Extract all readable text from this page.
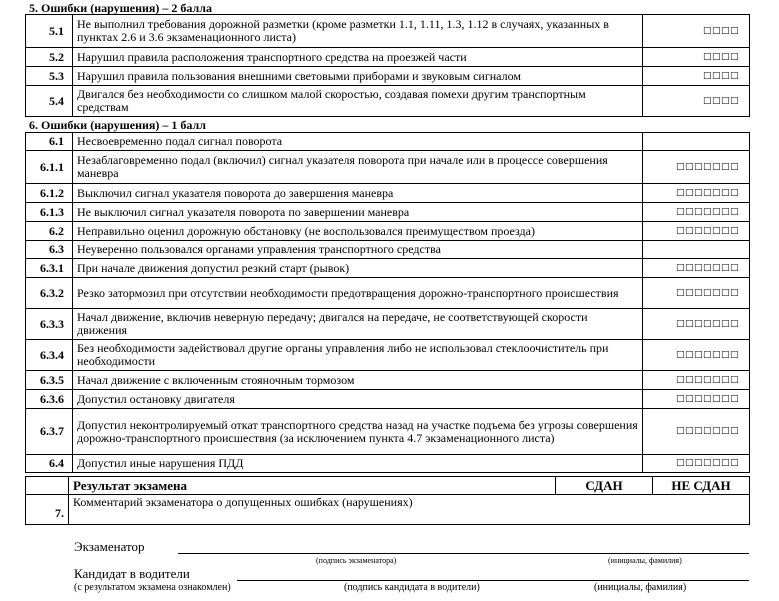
5. Ошибки (нарушения) – 2 балла
5.1	Не выполнил требования дорожной разметки (кроме разметки 1.1, 1.11, 1.3, 1.12 в случаях, указанных в пунктах 2.6 и 3.6 экзаменационного листа)	□□□□
5.2	Нарушил правила расположения транспортного средства на проезжей части	□□□□
5.3	Нарушил правила пользования внешними световыми приборами и звуковым сигналом	□□□□
5.4	Двигался без необходимости со слишком малой скоростью, создавая помехи другим транспортным средствам	□□□□
6. Ошибки (нарушения) – 1 балл
6.1	Несвоевременно подал сигнал поворота	
6.1.1	Незаблаговременно подал (включил) сигнал указателя поворота при начале или в процессе совершения маневра	□□□□□□□
6.1.2	Выключил сигнал указателя поворота до завершения маневра	□□□□□□□
6.1.3	Не выключил сигнал указателя поворота по завершении маневра	□□□□□□□
6.2	Неправильно оценил дорожную обстановку (не воспользовался преимуществом проезда)	□□□□□□□
6.3	Неуверенно пользовался органами управления транспортного средства	
6.3.1	При начале движения допустил резкий старт (рывок)	□□□□□□□
6.3.2	Резко затормозил при отсутствии необходимости предотвращения дорожно-транспортного происшествия	□□□□□□□
6.3.3	Начал движение, включив неверную передачу; двигался на передаче, не соответствующей скорости движения	□□□□□□□
6.3.4	Без необходимости задействовал другие органы управления либо не использовал стеклоочиститель при необходимости	□□□□□□□
6.3.5	Начал движение с включенным стояночным тормозом	□□□□□□□
6.3.6	Допустил остановку двигателя	□□□□□□□
6.3.7	Допустил неконтролируемый откат транспортного средства назад на участке подъема без угрозы совершения дорожно-транспортного происшествия (за исключением пункта 4.7 экзаменационного листа)	□□□□□□□
6.4	Допустил иные нарушения ПДД	□□□□□□□
	Результат экзамена	СДАН	НЕ СДАН
7.	Комментарий экзаменатора о допущенных ошибках (нарушениях)		
Экзаменатор
(подпись экзаменатора)	(инициалы, фамилия)
Кандидат в водители
(с результатом экзамена ознакомлен)	(подпись кандидата в водители)	(инициалы, фамилия)
